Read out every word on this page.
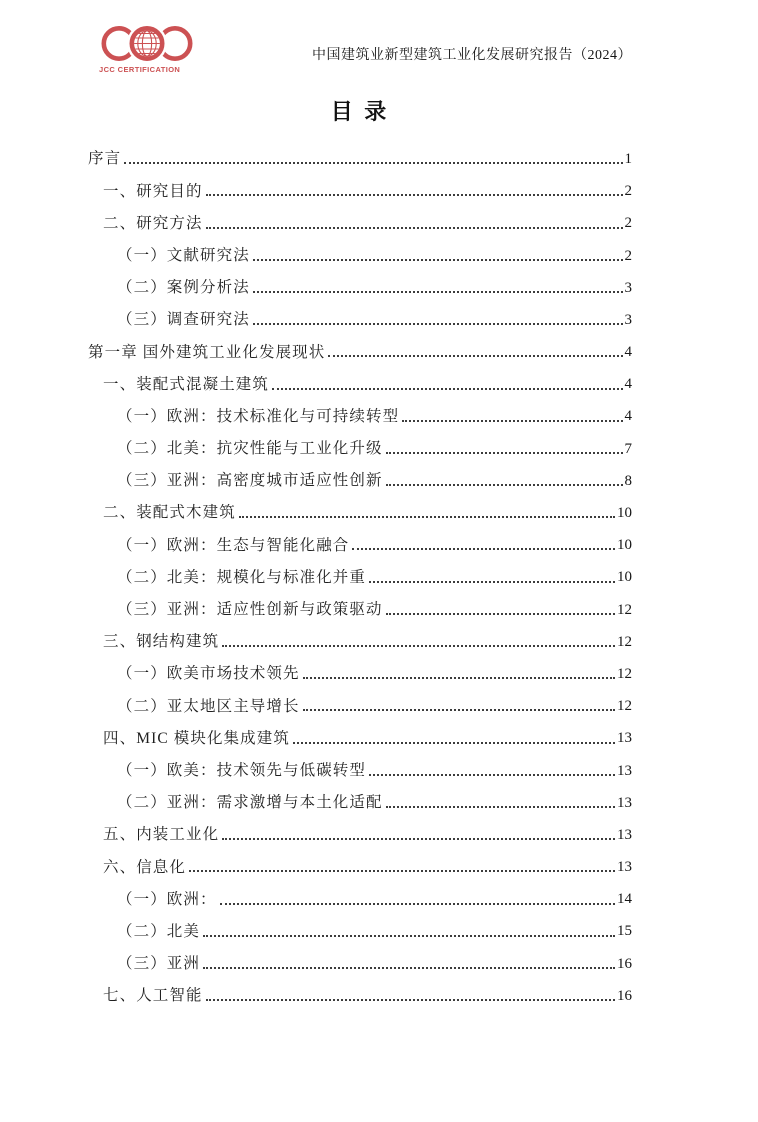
JCC CERTIFICATION
中国建筑业新型建筑工业化发展研究报告（2024）
目 录
序言	1
一、研究目的	2
二、研究方法	2
（一）文献研究法	2
（二）案例分析法	3
（三）调查研究法	3
第一章 国外建筑工业化发展现状	4
一、装配式混凝土建筑	4
（一）欧洲：技术标准化与可持续转型	4
（二）北美：抗灾性能与工业化升级	7
（三）亚洲：高密度城市适应性创新	8
二、装配式木建筑	10
（一）欧洲：生态与智能化融合	10
（二）北美：规模化与标准化并重	10
（三）亚洲：适应性创新与政策驱动	12
三、钢结构建筑	12
（一）欧美市场技术领先	12
（二）亚太地区主导增长	12
四、MIC 模块化集成建筑	13
（一）欧美：技术领先与低碳转型	13
（二）亚洲：需求激增与本土化适配	13
五、内装工业化	13
六、信息化	13
（一）欧洲：	14
（二）北美	15
（三）亚洲	16
七、人工智能	16
